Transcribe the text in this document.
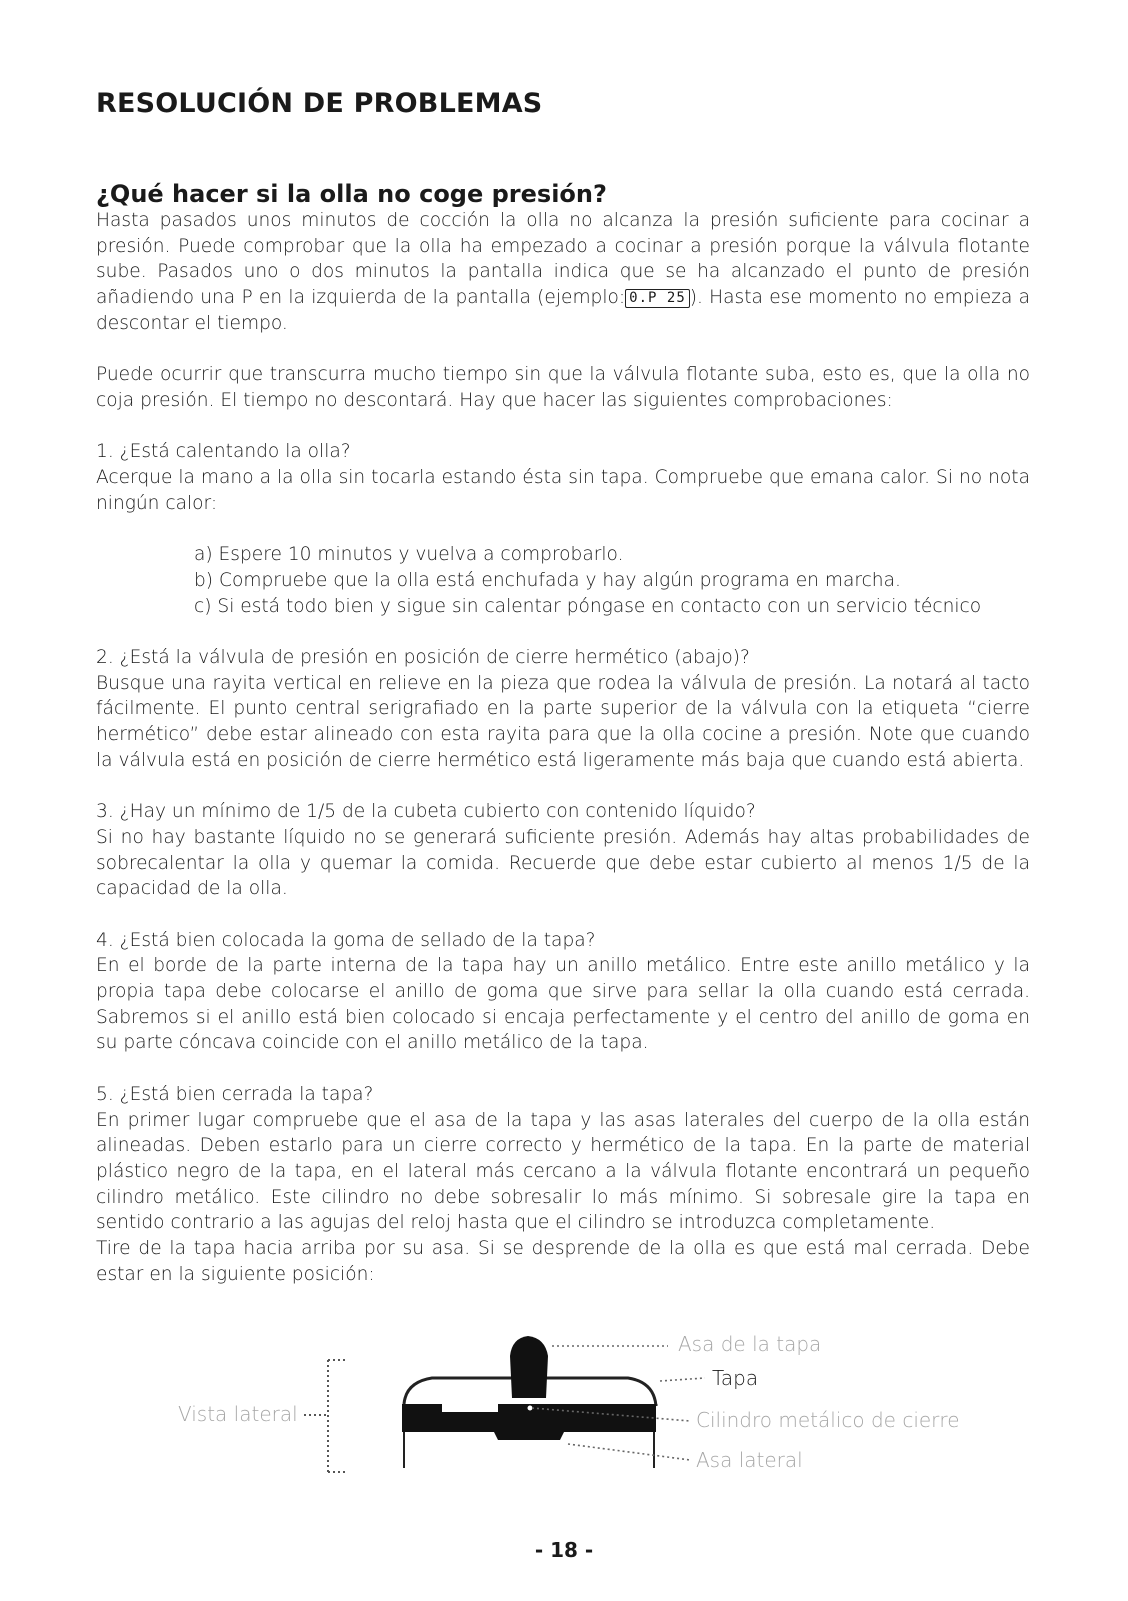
RESOLUCIÓN DE PROBLEMAS
¿Qué hacer si la olla no coge presión?

Hasta pasados unos minutos de cocción la olla no alcanza la presión suficiente para cocinar a presión. Puede comprobar que la olla ha empezado a cocinar a presión porque la válvula flotante sube. Pasados uno o dos minutos la pantalla indica que se ha alcanzado el punto de presión añadiendo una P en la izquierda de la pantalla (ejemplo: 0.P 25 ). Hasta ese momento no empieza a descontar el tiempo.

Puede ocurrir que transcurra mucho tiempo sin que la válvula flotante suba, esto es, que la olla no coja presión. El tiempo no descontará. Hay que hacer las siguientes comprobaciones:

1. ¿Está calentando la olla?

Acerque la mano a la olla sin tocarla estando ésta sin tapa. Compruebe que emana calor. Si no nota ningún calor:

a) Espere 10 minutos y vuelva a comprobarlo.
b) Compruebe que la olla está enchufada y hay algún programa en marcha.
c) Si está todo bien y sigue sin calentar póngase en contacto con un servicio técnico

2. ¿Está la válvula de presión en posición de cierre hermético (abajo)?

Busque una rayita vertical en relieve en la pieza que rodea la válvula de presión. La notará al tacto fácilmente. El punto central serigrafiado en la parte superior de la válvula con la etiqueta “cierre hermético” debe estar alineado con esta rayita para que la olla cocine a presión. Note que cuando la válvula está en posición de cierre hermético está ligeramente más baja que cuando está abierta.

3. ¿Hay un mínimo de 1/5 de la cubeta cubierto con contenido líquido?

Si no hay bastante líquido no se generará suficiente presión. Además hay altas probabilidades de sobrecalentar la olla y quemar la comida. Recuerde que debe estar cubierto al menos 1/5 de la capacidad de la olla.

4. ¿Está bien colocada la goma de sellado de la tapa?

En el borde de la parte interna de la tapa hay un anillo metálico. Entre este anillo metálico y la propia tapa debe colocarse el anillo de goma que sirve para sellar la olla cuando está cerrada. Sabremos si el anillo está bien colocado si encaja perfectamente y el centro del anillo de goma en su parte cóncava coincide con el anillo metálico de la tapa.

5. ¿Está bien cerrada la tapa?

En primer lugar compruebe que el asa de la tapa y las asas laterales del cuerpo de la olla están alineadas. Deben estarlo para un cierre correcto y hermético de la tapa. En la parte de material plástico negro de la tapa, en el lateral más cercano a la válvula flotante encontrará un pequeño cilindro metálico. Este cilindro no debe sobresalir lo más mínimo. Si sobresale gire la tapa en sentido contrario a las agujas del reloj hasta que el cilindro se introduzca completamente.

Tire de la tapa hacia arriba por su asa. Si se desprende de la olla es que está mal cerrada. Debe estar en la siguiente posición:

Vista lateral
Asa de la tapa
Tapa
Cilindro metálico de cierre
Asa lateral
- 18 -
